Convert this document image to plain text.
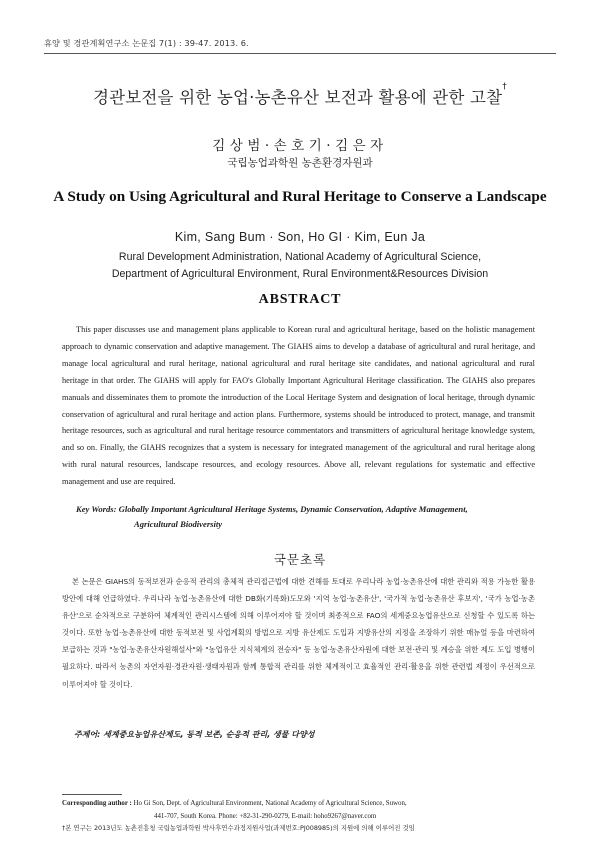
휴양 및 경관계획연구소 논문집 7(1) : 39-47. 2013. 6.
경관보전을 위한 농업·농촌유산 보전과 활용에 관한 고찰†
김상범·손호기·김은자
국립농업과학원 농촌환경자원과
A Study on Using Agricultural and Rural Heritage to Conserve a Landscape
Kim, Sang Bum · Son, Ho GI · Kim, Eun Ja
Rural Development Administration, National Academy of Agricultural Science,
Department of Agricultural Environment, Rural Environment&Resources Division
ABSTRACT

This paper discusses use and management plans applicable to Korean rural and agricultural heritage, based on the holistic management approach to dynamic conservation and adaptive management. The GIAHS aims to develop a database of agricultural and rural heritage, and manage local agricultural and rural heritage, national agricultural and rural heritage site candidates, and national agricultural and rural heritage in that order. The GIAHS will apply for FAO's Globally Important Agricultural Heritage classification. The GIAHS also prepares manuals and disseminates them to promote the introduction of the Local Heritage System and designation of local heritage, through dynamic conservation of agricultural and rural heritage and action plans. Furthermore, systems should be introduced to protect, manage, and transmit heritage resources, such as agricultural and rural heritage resource commentators and transmitters of agricultural heritage knowledge system, and so on. Finally, the GIAHS recognizes that a system is necessary for integrated management of the agricultural and rural heritage along with rural natural resources, landscape resources, and ecology resources. Above all, relevant regulations for systematic and effective management and use are required.

Key Words: Globally Important Agricultural Heritage Systems, Dynamic Conservation, Adaptive Management,
Agricultural Biodiversity
국문초록

본 논문은 GIAHS의 동적보전과 순응적 관리의 총체적 관리접근법에 대한 견해를 토대로 우리나라 농업·농촌유산에 대한 관리와 적용 가능한 활용방안에 대해 언급하였다. 우리나라 농업·농촌유산에 대한 DB화(기록화)도모와 '지역 농업·농촌유산', '국가적 농업·농촌유산 후보지', '국가 농업·농촌유산'으로 순차적으로 구분하여 체계적인 관리시스템에 의해 이루어져야 할 것이며 최종적으로 FAO의 세계중요농업유산으로 신청할 수 있도록 하는 것이다. 또한 농업·농촌유산에 대한 동적보전 및 사업계획의 방법으로 지방 유산제도 도입과 지방유산의 지정을 조장하기 위한 매뉴얼 등을 마련하여 보급하는 것과 "농업·농촌유산자원해설사"와 "농업유산 지식체계의 전승자" 등 농업·농촌유산자원에 대한 보전·관리 및 계승을 위한 제도 도입 병행이 필요하다. 따라서 농촌의 자연자원·경관자원·생태자원과 함께 통합적 관리를 위한 체계적이고 효율적인 관리·활용을 위한 관련법 제정이 우선적으로 이루어져야 할 것이다.

주제어: 세계중요농업유산제도, 동적 보존, 순응적 관리, 생물 다양성

Corresponding author : Ho Gi Son, Dept. of Agricultural Environment, National Academy of Agricultural Science, Suwon,
441-707, South Korea. Phone: +82-31-290-0279, E-mail: hoho9267@naver.com

†본 연구는 2013년도 농촌진흥청 국립농업과학원 박사후연수과정지원사업(과제번호:PJ008985)의 지원에 의해 이루어진 것임
